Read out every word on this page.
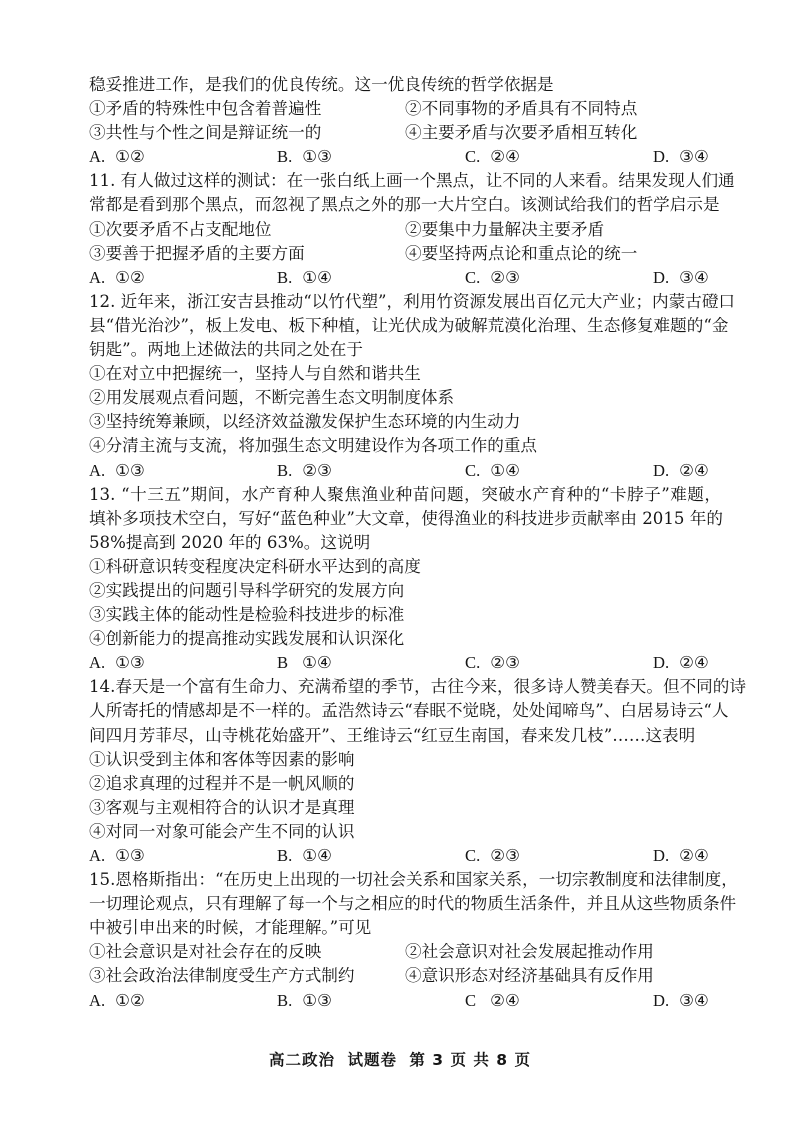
稳妥推进工作，是我们的优良传统。这一优良传统的哲学依据是
①矛盾的特殊性中包含着普遍性	②不同事物的矛盾具有不同特点
③共性与个性之间是辩证统一的	④主要矛盾与次要矛盾相互转化
A. ①②	B. ①③	C. ②④	D. ③④
11. 有人做过这样的测试：在一张白纸上画一个黑点，让不同的人来看。结果发现人们通
常都是看到那个黑点，而忽视了黑点之外的那一大片空白。该测试给我们的哲学启示是
①次要矛盾不占支配地位	②要集中力量解决主要矛盾
③要善于把握矛盾的主要方面	④要坚持两点论和重点论的统一
A. ①②	B. ①④	C. ②③	D. ③④
12. 近年来，浙江安吉县推动“以竹代塑”，利用竹资源发展出百亿元大产业；内蒙古磴口
县“借光治沙”，板上发电、板下种植，让光伏成为破解荒漠化治理、生态修复难题的“金
钥匙”。两地上述做法的共同之处在于
①在对立中把握统一，坚持人与自然和谐共生
②用发展观点看问题，不断完善生态文明制度体系
③坚持统筹兼顾，以经济效益激发保护生态环境的内生动力
④分清主流与支流，将加强生态文明建设作为各项工作的重点
A. ①③	B. ②③	C. ①④	D. ②④
13. “十三五”期间，水产育种人聚焦渔业种苗问题，突破水产育种的“卡脖子”难题，
填补多项技术空白，写好“蓝色种业”大文章，使得渔业的科技进步贡献率由 2015 年的
58%提高到 2020 年的 63%。这说明
①科研意识转变程度决定科研水平达到的高度
②实践提出的问题引导科学研究的发展方向
③实践主体的能动性是检验科技进步的标准
④创新能力的提高推动实践发展和认识深化
A. ①③	B ①④	C. ②③	D. ②④
14.春天是一个富有生命力、充满希望的季节，古往今来，很多诗人赞美春天。但不同的诗
人所寄托的情感却是不一样的。孟浩然诗云“春眠不觉晓，处处闻啼鸟”、白居易诗云“人
间四月芳菲尽，山寺桃花始盛开”、王维诗云“红豆生南国，春来发几枝”……这表明
①认识受到主体和客体等因素的影响
②追求真理的过程并不是一帆风顺的
③客观与主观相符合的认识才是真理
④对同一对象可能会产生不同的认识
A. ①③	B. ①④	C. ②③	D. ②④
15.恩格斯指出：“在历史上出现的一切社会关系和国家关系，一切宗教制度和法律制度，
一切理论观点，只有理解了每一个与之相应的时代的物质生活条件，并且从这些物质条件
中被引申出来的时候，才能理解。”可见
①社会意识是对社会存在的反映	②社会意识对社会发展起推动作用
③社会政治法律制度受生产方式制约	④意识形态对经济基础具有反作用
A. ①②	B. ①③	C ②④	D. ③④
高二政治 试题卷 第 3 页 共 8 页
